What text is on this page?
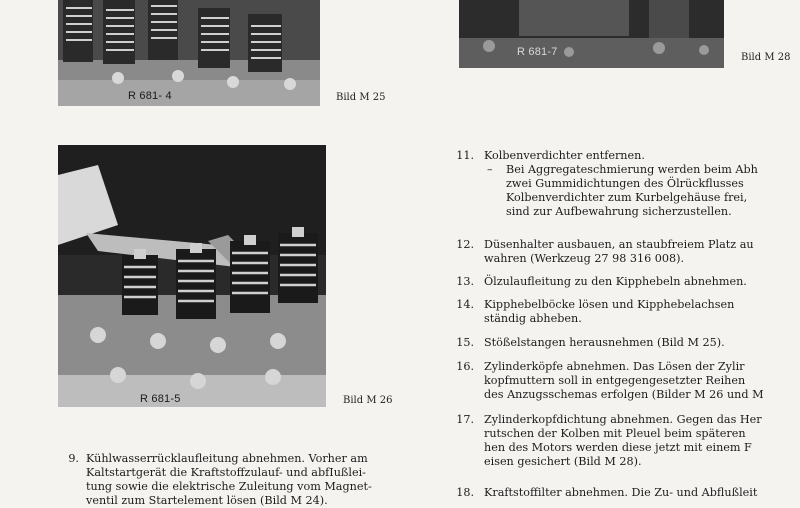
R 681- 4	Bild M 25
R 681-7	Bild M 28
R 681-5	Bild M 26
9. Kühlwasserrücklaufleitung abnehmen. Vorher am
Kaltstartgerät die Kraftstoffzulauf- und abfIußlei-
tung sowie die elektrische Zuleitung vom Magnet-
ventil zum Startelement lösen (Bild M 24).
11. Kolbenverdichter entfernen.
– Bei Aggregateschmierung werden beim Abh
zwei Gummidichtungen des Ölrückflusses
Kolbenverdichter zum Kurbelgehäuse frei,
sind zur Aufbewahrung sicherzustellen.
12. Düsenhalter ausbauen, an staubfreiem Platz au
wahren (Werkzeug 27 98 316 008).
13. Ölzulaufleitung zu den Kipphebeln abnehmen.
14. Kipphebelböcke lösen und Kipphebelachsen
ständig abheben.
15. Stößelstangen herausnehmen (Bild M 25).
16. Zylinderköpfe abnehmen. Das Lösen der Zylir
kopfmuttern soll in entgegengesetzter Reihen
des Anzugsschemas erfolgen (Bilder M 26 und M
17. Zylinderkopfdichtung abnehmen. Gegen das Her
rutschen der Kolben mit Pleuel beim späteren
hen des Motors werden diese jetzt mit einem F
eisen gesichert (Bild M 28).
18. Kraftstoffilter abnehmen. Die Zu- und Abflußleit
